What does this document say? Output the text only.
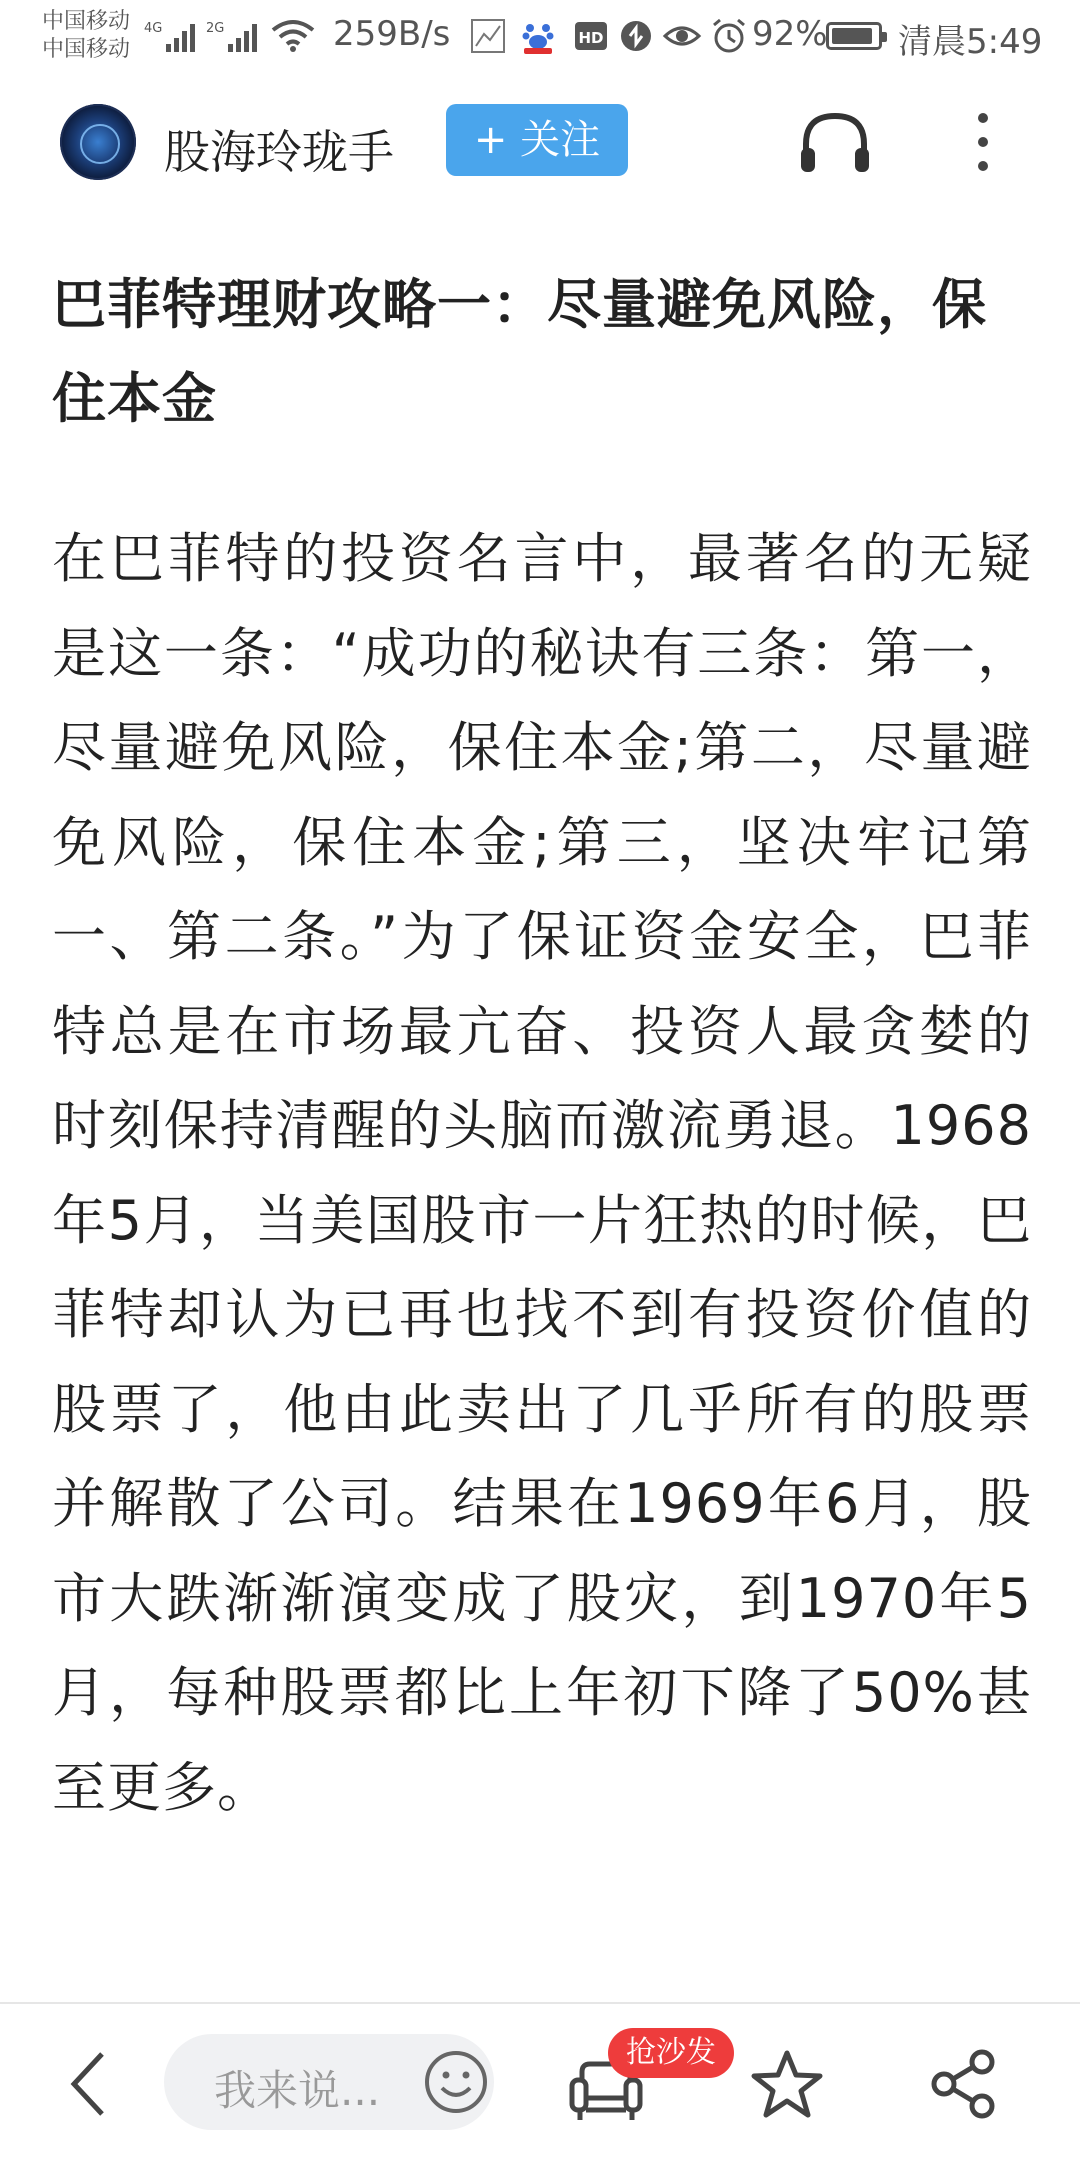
中国移动
中国移动
4G	2G	259B/s	HD	92% 清晨5:49
股海玲珑手	+ 关注
巴菲特理财攻略一：尽量避免风险，保住本金
在巴菲特的投资名言中，最著名的无疑是这一条：“成功的秘诀有三条：第一，尽量避免风险，保住本金;第二，尽量避免风险，保住本金;第三，坚决牢记第一、第二条。”为了保证资金安全，巴菲特总是在市场最亢奋、投资人最贪婪的时刻保持清醒的头脑而激流勇退。1968年5月，当美国股市一片狂热的时候，巴菲特却认为已再也找不到有投资价值的股票了，他由此卖出了几乎所有的股票并解散了公司。结果在1969年6月，股市大跌渐渐演变成了股灾，到1970年5月，每种股票都比上年初下降了50%甚至更多。
我来说...
抢沙发
